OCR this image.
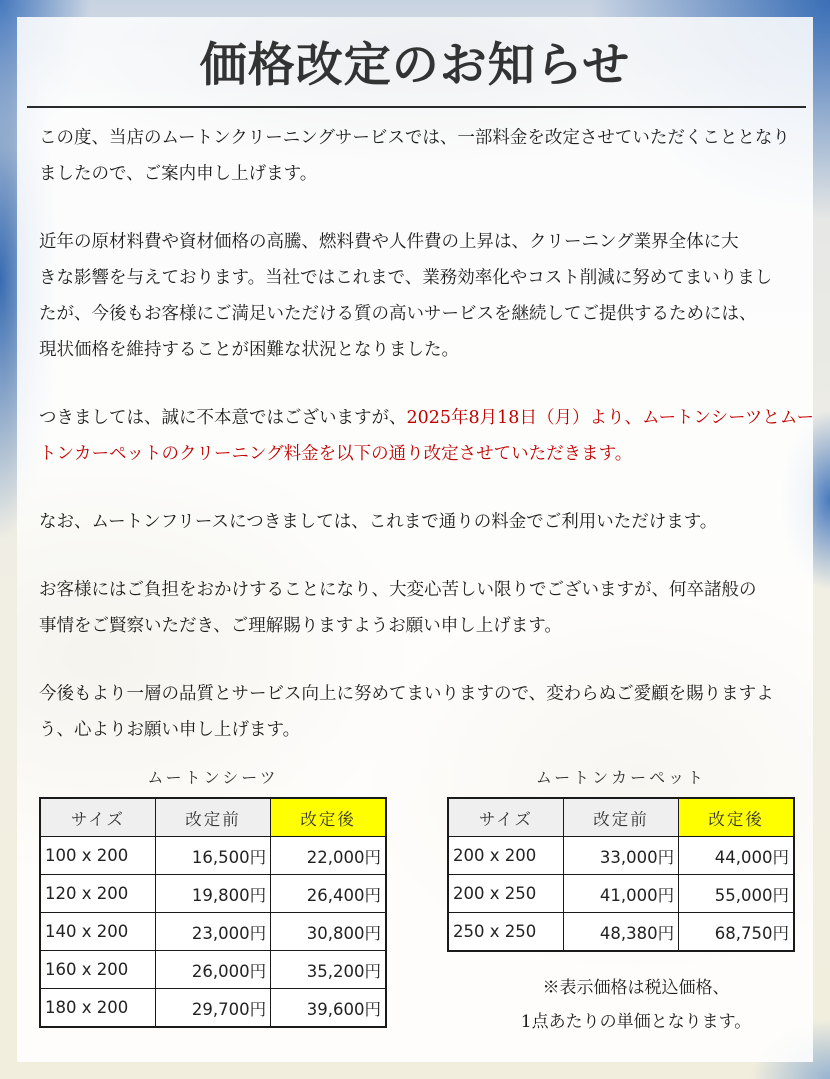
価格改定のお知らせ

この度、当店のムートンクリーニングサービスでは、一部料金を改定させていただくこととなり
ましたので、ご案内申し上げます。

近年の原材料費や資材価格の高騰、燃料費や人件費の上昇は、クリーニング業界全体に大
きな影響を与えております。当社ではこれまで、業務効率化やコスト削減に努めてまいりまし
たが、今後もお客様にご満足いただける質の高いサービスを継続してご提供するためには、
現状価格を維持することが困難な状況となりました。

つきましては、誠に不本意ではございますが、2025年8月18日（月）より、ムートンシーツとムー
トンカーペットのクリーニング料金を以下の通り改定させていただきます。

なお、ムートンフリースにつきましては、これまで通りの料金でご利用いただけます。

お客様にはご負担をおかけすることになり、大変心苦しい限りでございますが、何卒諸般の
事情をご賢察いただき、ご理解賜りますようお願い申し上げます。

今後もより一層の品質とサービス向上に努めてまいりますので、変わらぬご愛顧を賜りますよ
う、心よりお願い申し上げます。

ムートンシーツ
サイズ	改定前	改定後
100 x 200	16,500円	22,000円
120 x 200	19,800円	26,400円
140 x 200	23,000円	30,800円
160 x 200	26,000円	35,200円
180 x 200	29,700円	39,600円
ムートンカーペット
サイズ	改定前	改定後
200 x 200	33,000円	44,000円
200 x 250	41,000円	55,000円
250 x 250	48,380円	68,750円
※表示価格は税込価格、
1点あたりの単価となります。
